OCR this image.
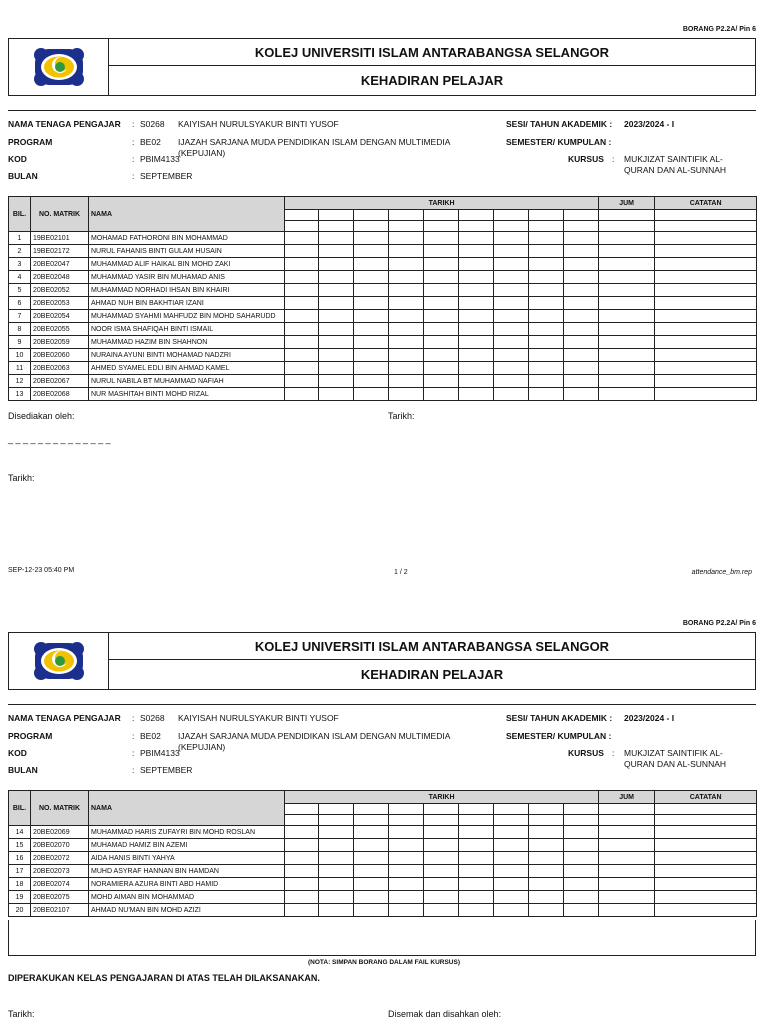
BORANG P2.2A/ Pin 6
KOLEJ UNIVERSITI ISLAM ANTARABANGSA SELANGOR
KEHADIRAN PELAJAR
NAMA TENAGA PENGAJAR : S0268 KAIYISAH NURULSYAKUR BINTI YUSOF	SESI/ TAHUN AKADEMIK : 2023/2024 - I
PROGRAM	: BE02 IJAZAH SARJANA MUDA PENDIDIKAN ISLAM DENGAN MULTIMEDIA
(KEPUJIAN)
SEMESTER/ KUMPULAN :
KOD	: PBIM4133	KURSUS : MUKJIZAT SAINTIFIK AL-
QURAN DAN AL-SUNNAH
BULAN	: SEPTEMBER
BIL.	NO. MATRIK	NAMA	TARIKH									JUM	CATATAN

1	19BE02101	MOHAMAD FATHORONI BIN MOHAMMAD											
2	19BE02172	NURUL FAHANIS BINTI GULAM HUSAIN											
3	20BE02047	MUHAMMAD ALIF HAIKAL BIN MOHD ZAKI											
4	20BE02048	MUHAMMAD YASIR BIN MUHAMAD ANIS											
5	20BE02052	MUHAMMAD NORHADI IHSAN BIN KHAIRI											
6	20BE02053	AHMAD NUH BIN BAKHTIAR IZANI											
7	20BE02054	MUHAMMAD SYAHMI MAHFUDZ BIN MOHD SAHARUDD											
8	20BE02055	NOOR ISMA SHAFIQAH BINTI ISMAIL											
9	20BE02059	MUHAMMAD HAZIM BIN SHAHNON											
10	20BE02060	NURAINA AYUNI BINTI MOHAMAD NADZRI											
11	20BE02063	AHMED SYAMEL EDLI BIN AHMAD KAMEL											
12	20BE02067	NURUL NABILA BT MUHAMMAD NAFIAH											
13	20BE02068	NUR MASHITAH BINTI MOHD RIZAL											
Disediakan oleh:	Tarikh:
_ _ _ _ _ _ _ _ _ _ _ _ _ _
Tarikh:
SEP-12-23 05:40 PM	1 / 2	attendance_bm.rep
BORANG P2.2A/ Pin 6
KOLEJ UNIVERSITI ISLAM ANTARABANGSA SELANGOR
KEHADIRAN PELAJAR
NAMA TENAGA PENGAJAR : S0268 KAIYISAH NURULSYAKUR BINTI YUSOF	SESI/ TAHUN AKADEMIK : 2023/2024 - I
PROGRAM	: BE02 IJAZAH SARJANA MUDA PENDIDIKAN ISLAM DENGAN MULTIMEDIA
(KEPUJIAN)
SEMESTER/ KUMPULAN :
KOD	: PBIM4133	KURSUS : MUKJIZAT SAINTIFIK AL-
QURAN DAN AL-SUNNAH
BULAN	: SEPTEMBER
BIL.	NO. MATRIK	NAMA	TARIKH									JUM	CATATAN

14	20BE02069	MUHAMMAD HARIS ZUFAYRI BIN MOHD ROSLAN											
15	20BE02070	MUHAMAD HAMIZ BIN AZEMI											
16	20BE02072	AIDA HANIS BINTI YAHYA											
17	20BE02073	MUHD ASYRAF HANNAN BIN HAMDAN											
18	20BE02074	NORAMIERA AZURA BINTI ABD HAMID											
19	20BE02075	MOHD AIMAN BIN MOHAMMAD											
20	20BE02107	AHMAD NU'MAN BIN MOHD AZIZI											
(NOTA: SIMPAN BORANG DALAM FAIL KURSUS)
DIPERAKUKAN KELAS PENGAJARAN DI ATAS TELAH DILAKSANAKAN.
Tarikh:	Disemak dan disahkan oleh:
